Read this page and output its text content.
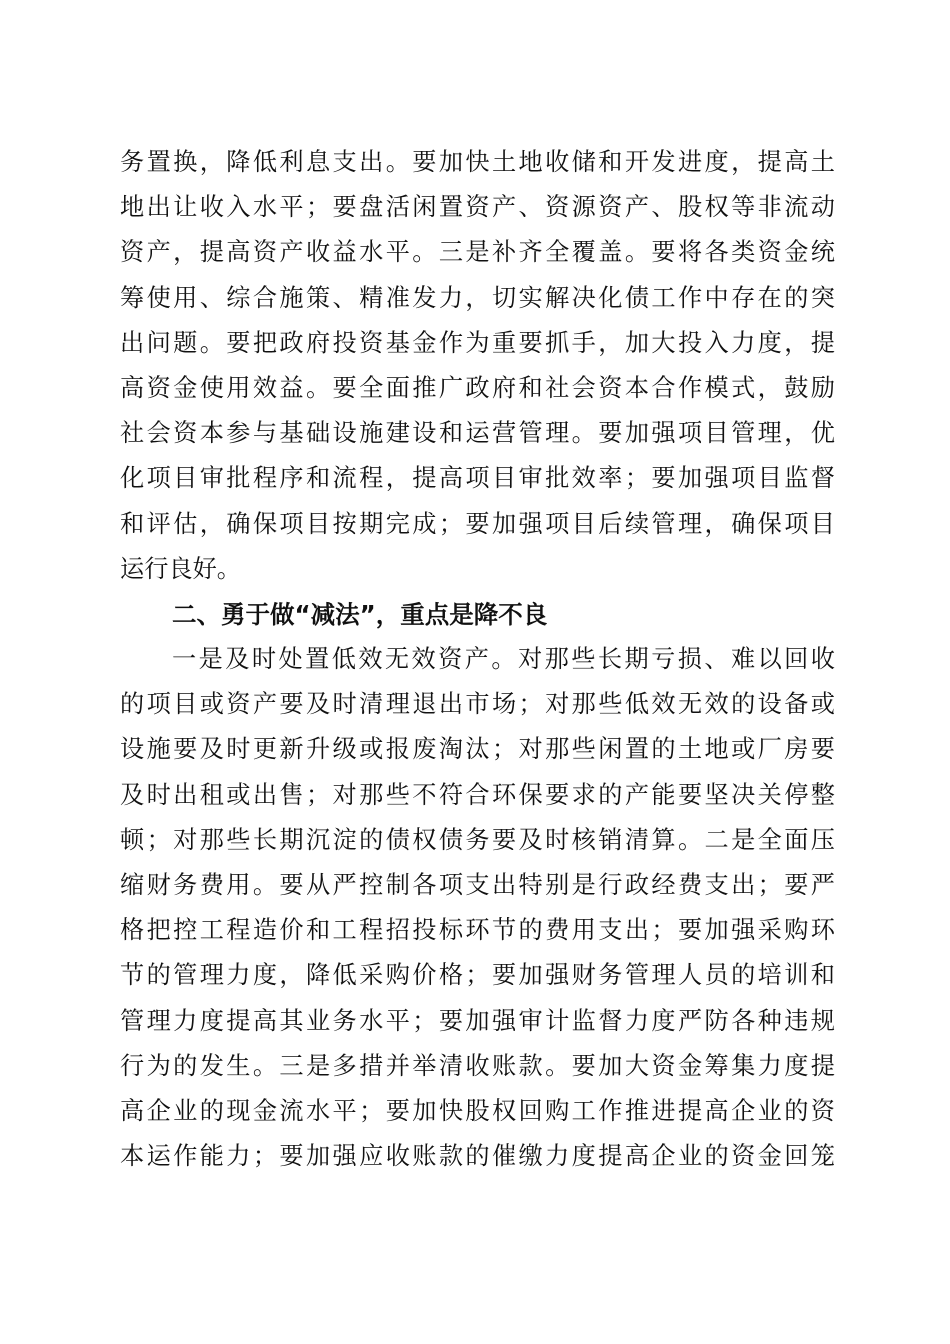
务置换，降低利息支出。要加快土地收储和开发进度，提高土
地出让收入水平；要盘活闲置资产、资源资产、股权等非流动
资产，提高资产收益水平。三是补齐全覆盖。要将各类资金统
筹使用、综合施策、精准发力，切实解决化债工作中存在的突
出问题。要把政府投资基金作为重要抓手，加大投入力度，提
高资金使用效益。要全面推广政府和社会资本合作模式，鼓励
社会资本参与基础设施建设和运营管理。要加强项目管理，优
化项目审批程序和流程，提高项目审批效率；要加强项目监督
和评估，确保项目按期完成；要加强项目后续管理，确保项目
运行良好。
二、勇于做“减法”，重点是降不良
一是及时处置低效无效资产。对那些长期亏损、难以回收
的项目或资产要及时清理退出市场；对那些低效无效的设备或
设施要及时更新升级或报废淘汰；对那些闲置的土地或厂房要
及时出租或出售；对那些不符合环保要求的产能要坚决关停整
顿；对那些长期沉淀的债权债务要及时核销清算。二是全面压
缩财务费用。要从严控制各项支出特别是行政经费支出；要严
格把控工程造价和工程招投标环节的费用支出；要加强采购环
节的管理力度，降低采购价格；要加强财务管理人员的培训和
管理力度提高其业务水平；要加强审计监督力度严防各种违规
行为的发生。三是多措并举清收账款。要加大资金筹集力度提
高企业的现金流水平；要加快股权回购工作推进提高企业的资
本运作能力；要加强应收账款的催缴力度提高企业的资金回笼
